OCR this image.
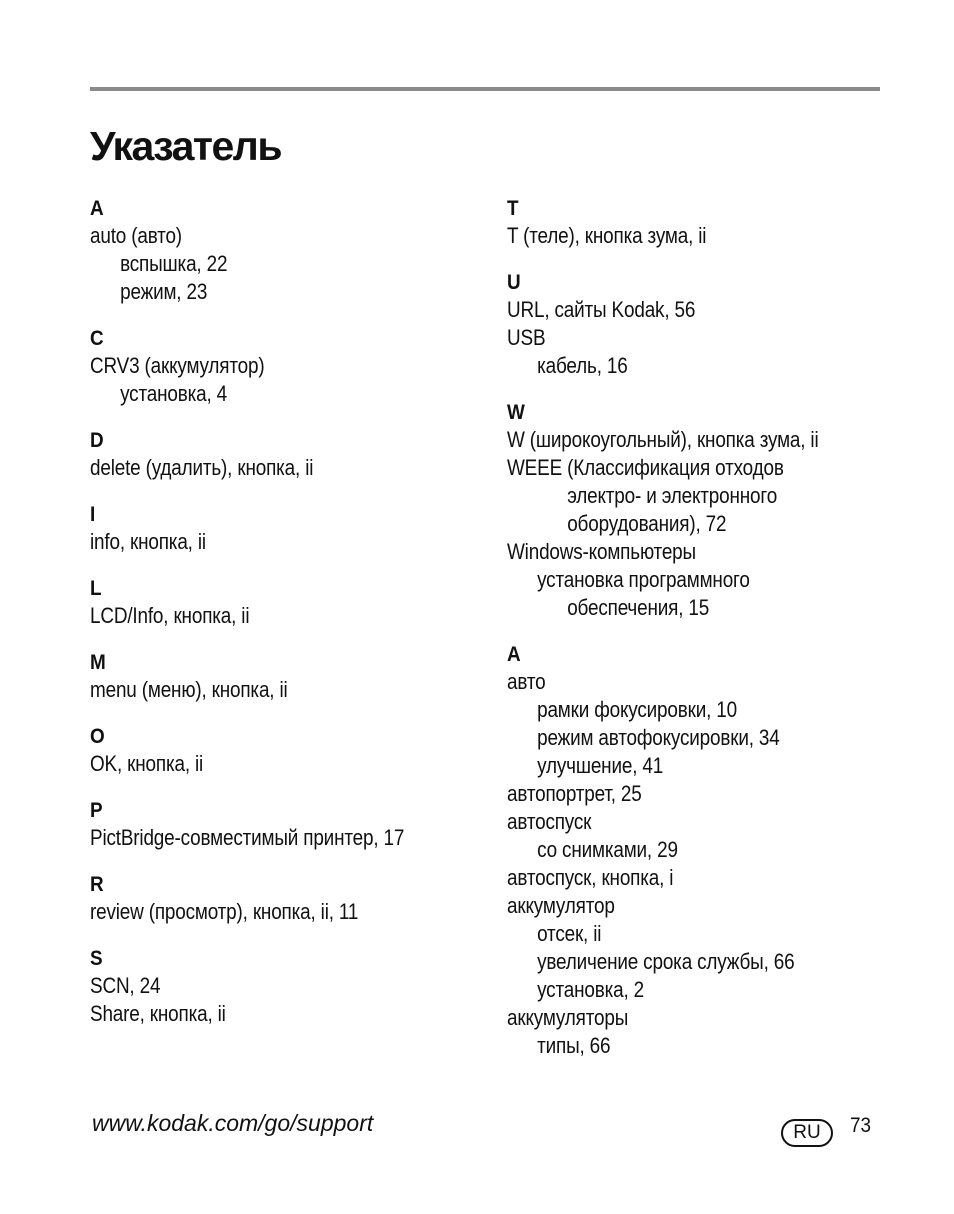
Указатель
A
auto (авто)
вспышка, 22
режим, 23
C
CRV3 (аккумулятор)
установка, 4
D
delete (удалить), кнопка, ii
I
info, кнопка, ii
L
LCD/Info, кнопка, ii
M
menu (меню), кнопка, ii
O
OK, кнопка, ii
P
PictBridge-совместимый принтер, 17
R
review (просмотр), кнопка, ii, 11
S
SCN, 24
Share, кнопка, ii
T
T (теле), кнопка зума, ii
U
URL, сайты Kodak, 56
USB
кабель, 16
W
W (широкоугольный), кнопка зума, ii
WEEE (Классификация отходов
электро- и электронного
оборудования), 72
Windows-компьютеры
установка программного
обеспечения, 15
А
авто
рамки фокусировки, 10
режим автофокусировки, 34
улучшение, 41
автопортрет, 25
автоспуск
со снимками, 29
автоспуск, кнопка, i
аккумулятор
отсек, ii
увеличение срока службы, 66
установка, 2
аккумуляторы
типы, 66
www.kodak.com/go/support	RU	73
